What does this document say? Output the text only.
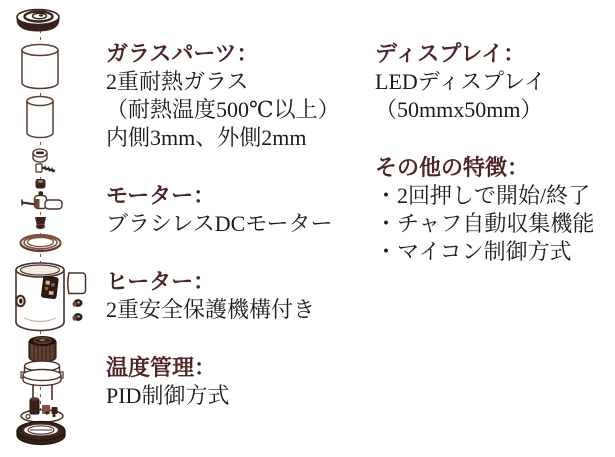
ガラスパーツ：
2重耐熱ガラス
（耐熱温度500℃以上）
内側3mm、外側2mm
モーター：
ブラシレスDCモーター
ヒーター：
2重安全保護機構付き
温度管理：
PID制御方式
ディスプレイ：
LEDディスプレイ
（50mmx50mm）
その他の特徴：
・2回押しで開始/終了
・チャフ自動収集機能
・マイコン制御方式
